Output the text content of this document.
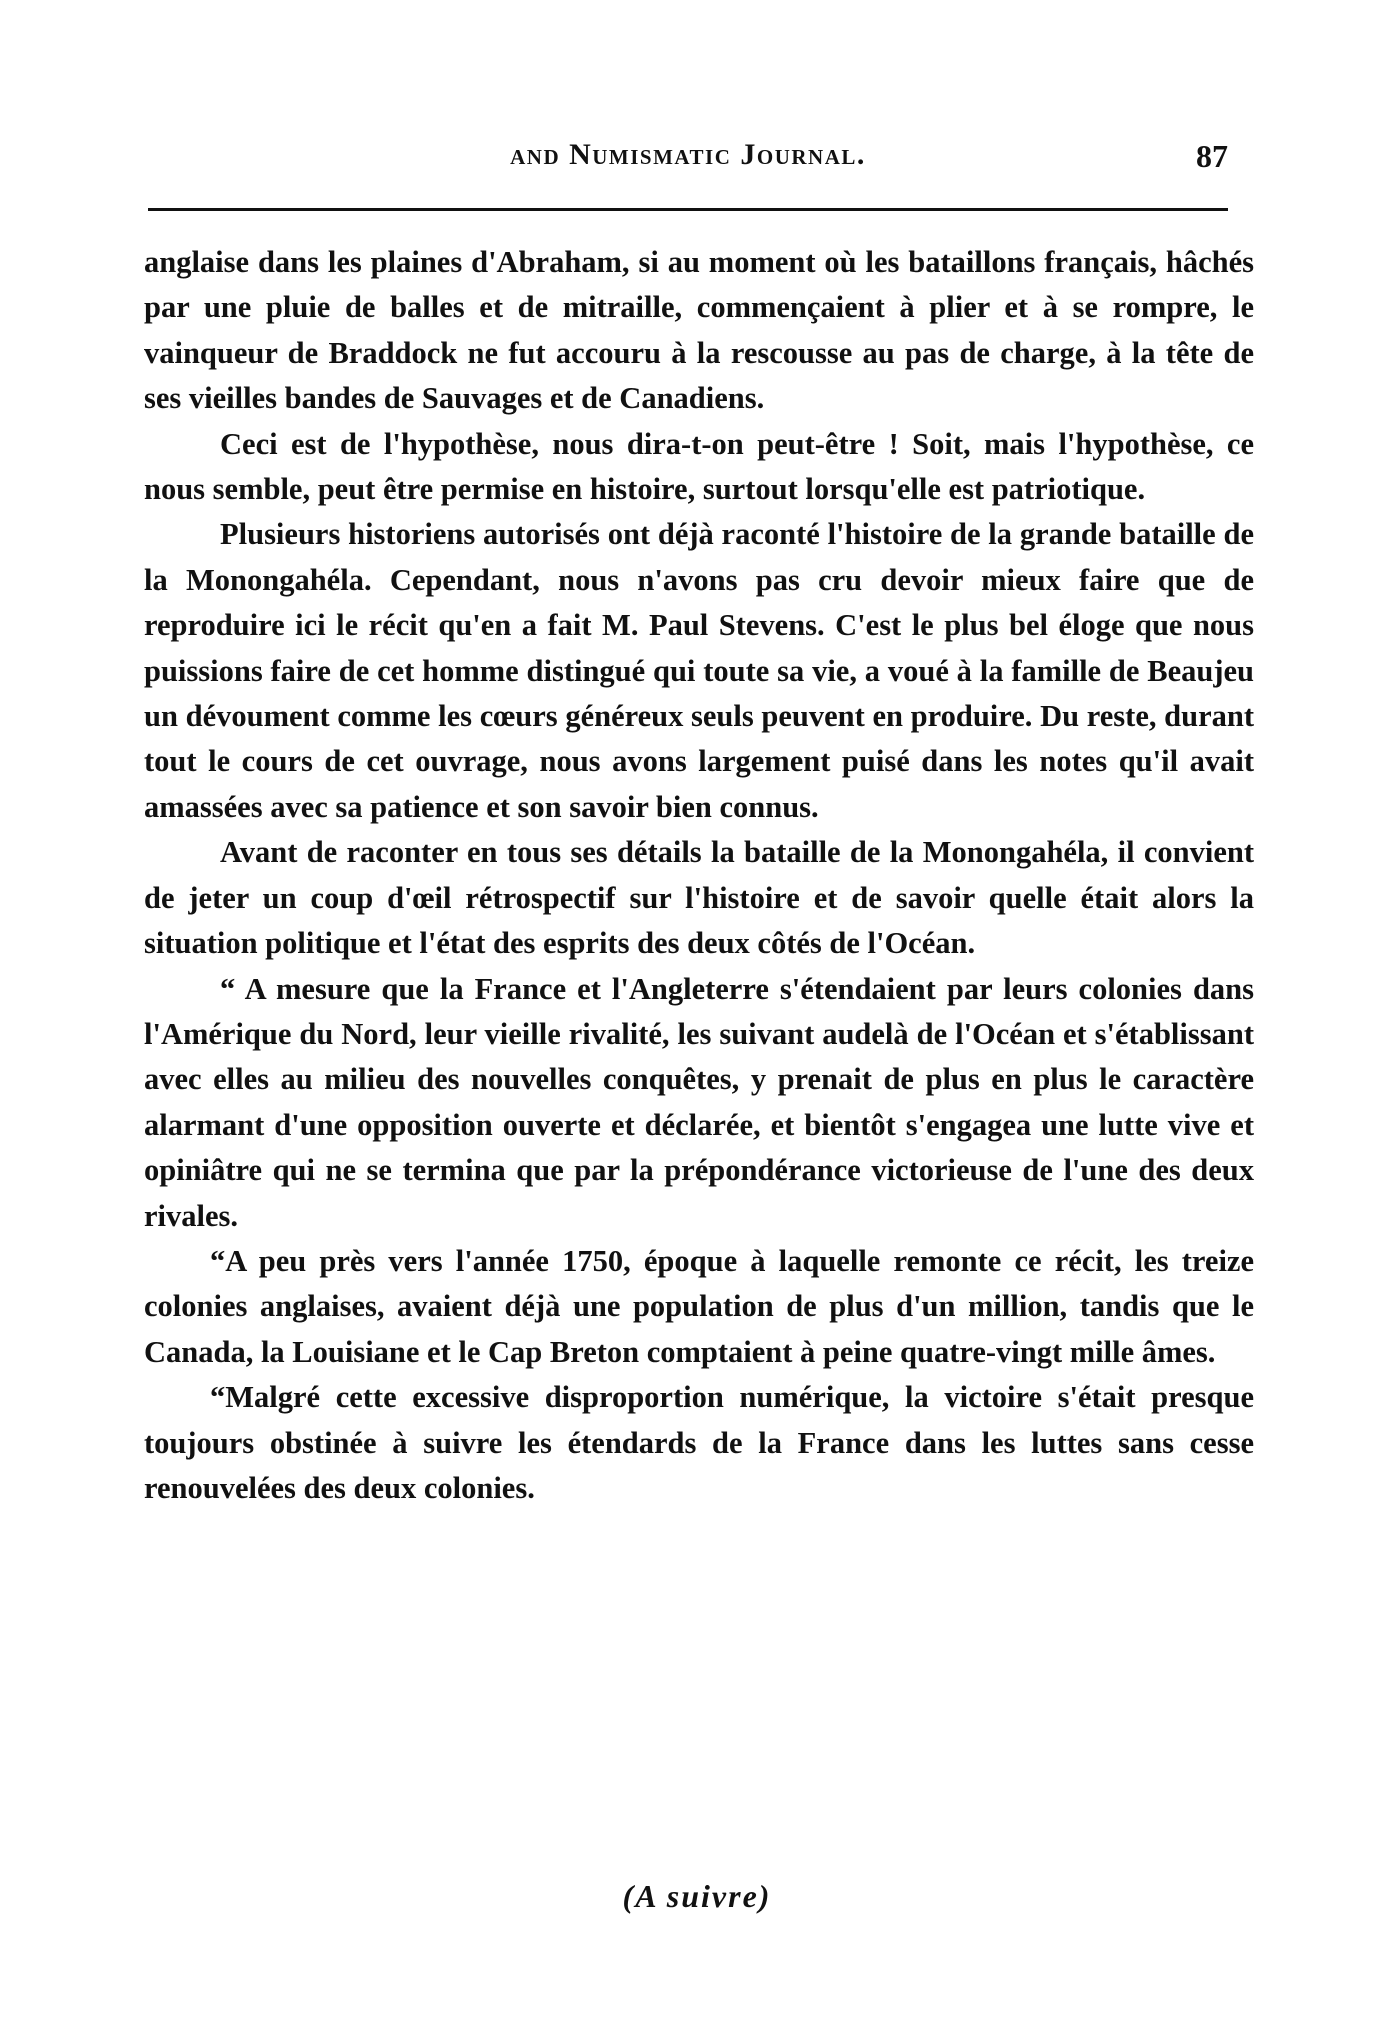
and Numismatic Journal.	87

anglaise dans les plaines d'Abraham, si au moment où les bataillons français, hâchés par une pluie de balles et de mitraille, commençaient à plier et à se rompre, le vainqueur de Braddock ne fut accouru à la rescousse au pas de charge, à la tête de ses vieilles bandes de Sauvages et de Canadiens.

Ceci est de l'hypothèse, nous dira-t-on peut-être ! Soit, mais l'hypothèse, ce nous semble, peut être permise en histoire, surtout lorsqu'elle est patriotique.

Plusieurs historiens autorisés ont déjà raconté l'histoire de la grande bataille de la Monongahéla. Cependant, nous n'avons pas cru devoir mieux faire que de reproduire ici le récit qu'en a fait M. Paul Stevens. C'est le plus bel éloge que nous puissions faire de cet homme distingué qui toute sa vie, a voué à la famille de Beaujeu un dévoument comme les cœurs généreux seuls peuvent en produire. Du reste, durant tout le cours de cet ouvrage, nous avons largement puisé dans les notes qu'il avait amassées avec sa patience et son savoir bien connus.

Avant de raconter en tous ses détails la bataille de la Monongahéla, il convient de jeter un coup d'œil rétrospectif sur l'histoire et de savoir quelle était alors la situation politique et l'état des esprits des deux côtés de l'Océan.

“ A mesure que la France et l'Angleterre s'étendaient par leurs colonies dans l'Amérique du Nord, leur vieille rivalité, les suivant audelà de l'Océan et s'établissant avec elles au milieu des nouvelles conquêtes, y prenait de plus en plus le caractère alarmant d'une opposition ouverte et déclarée, et bientôt s'engagea une lutte vive et opiniâtre qui ne se termina que par la prépondérance victorieuse de l'une des deux rivales.

“A peu près vers l'année 1750, époque à laquelle remonte ce récit, les treize colonies anglaises, avaient déjà une population de plus d'un million, tandis que le Canada, la Louisiane et le Cap Breton comptaient à peine quatre-vingt mille âmes.

“Malgré cette excessive disproportion numérique, la victoire s'était presque toujours obstinée à suivre les étendards de la France dans les luttes sans cesse renouvelées des deux colonies.

(A suivre)
